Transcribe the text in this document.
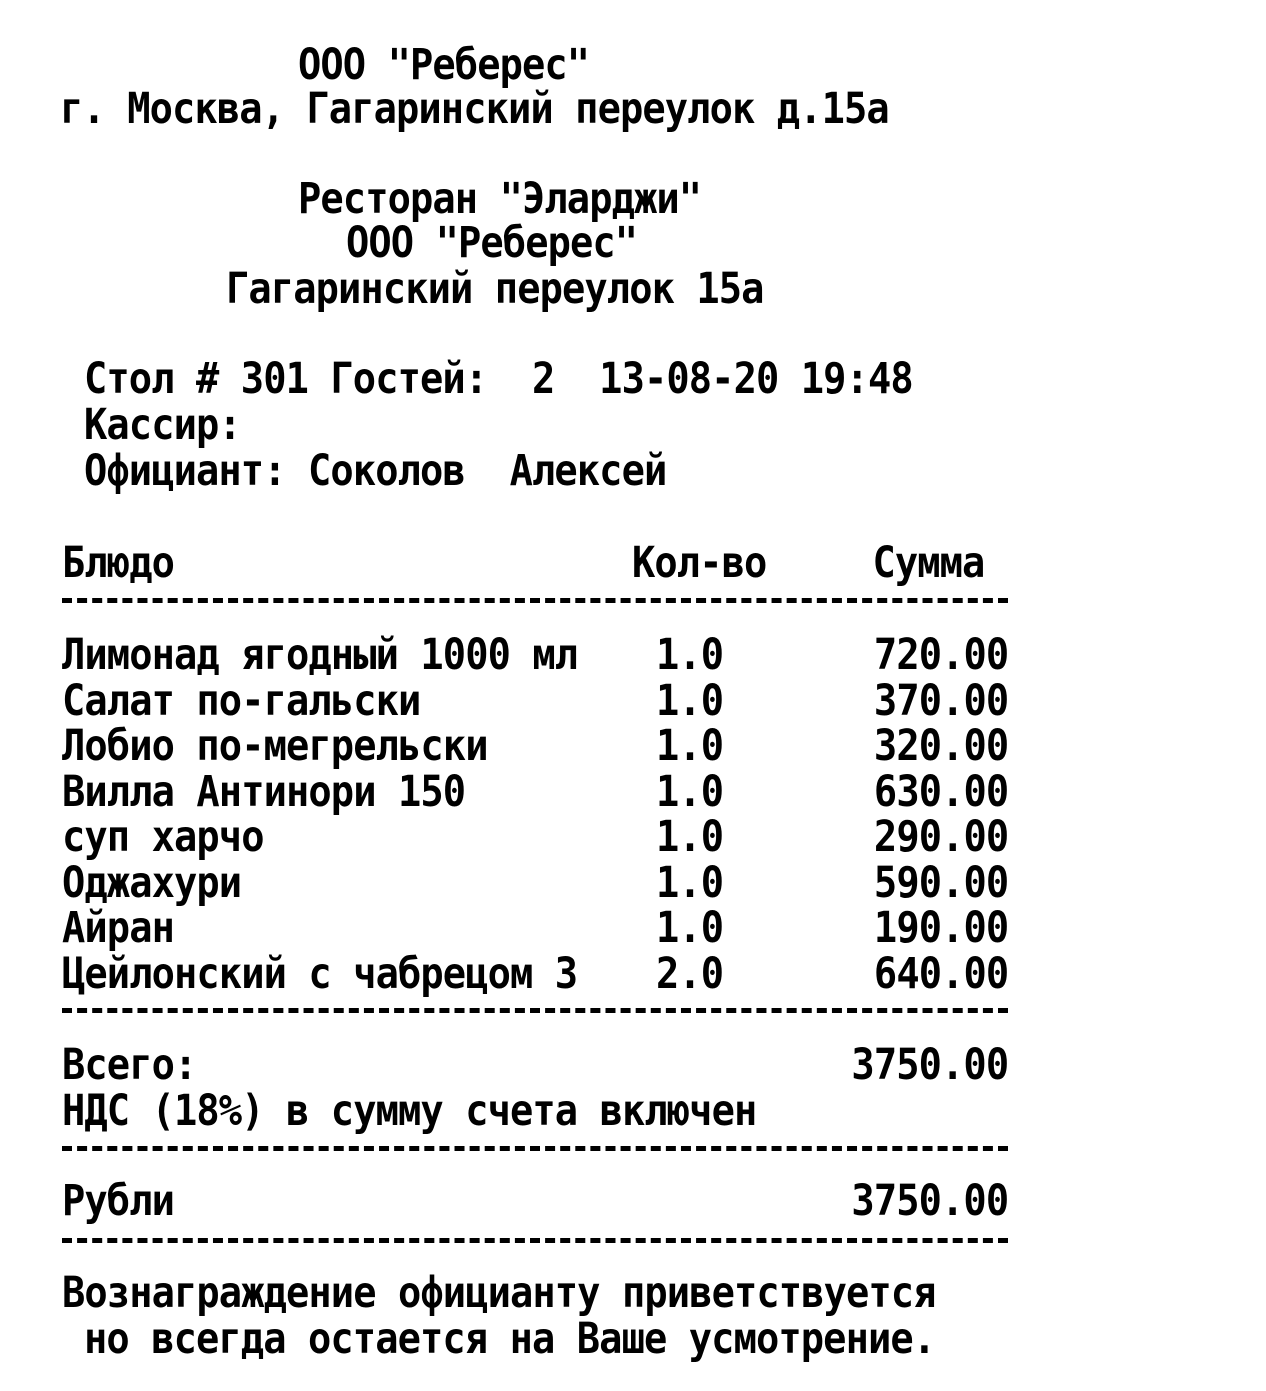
ООО "Реберес"
г. Москва, Гагаринский переулок д.15а
Ресторан "Эларджи"
ООО "Реберес"
Гагаринский переулок 15а
Стол # 301 Гостей:  2  13-08-20 19:48
Кассир:
Официант: Соколов  Алексей
Блюдо	Кол-во Сумма
Лимонад ягодный 1000 мл 1.0	720.00
Салат по-гальски	1.0	370.00
Лобио по-мегрельски	1.0	320.00
Вилла Антинори 150	1.0	630.00
суп харчо	1.0	290.00
Оджахури	1.0	590.00
Айран	1.0	190.00
Цейлонский с чабрецом 3 2.0	640.00
Всего:	3750.00
НДС (18%) в сумму счета включен
Рубли	3750.00
Вознаграждение официанту приветствуется
но всегда остается на Ваше усмотрение.
